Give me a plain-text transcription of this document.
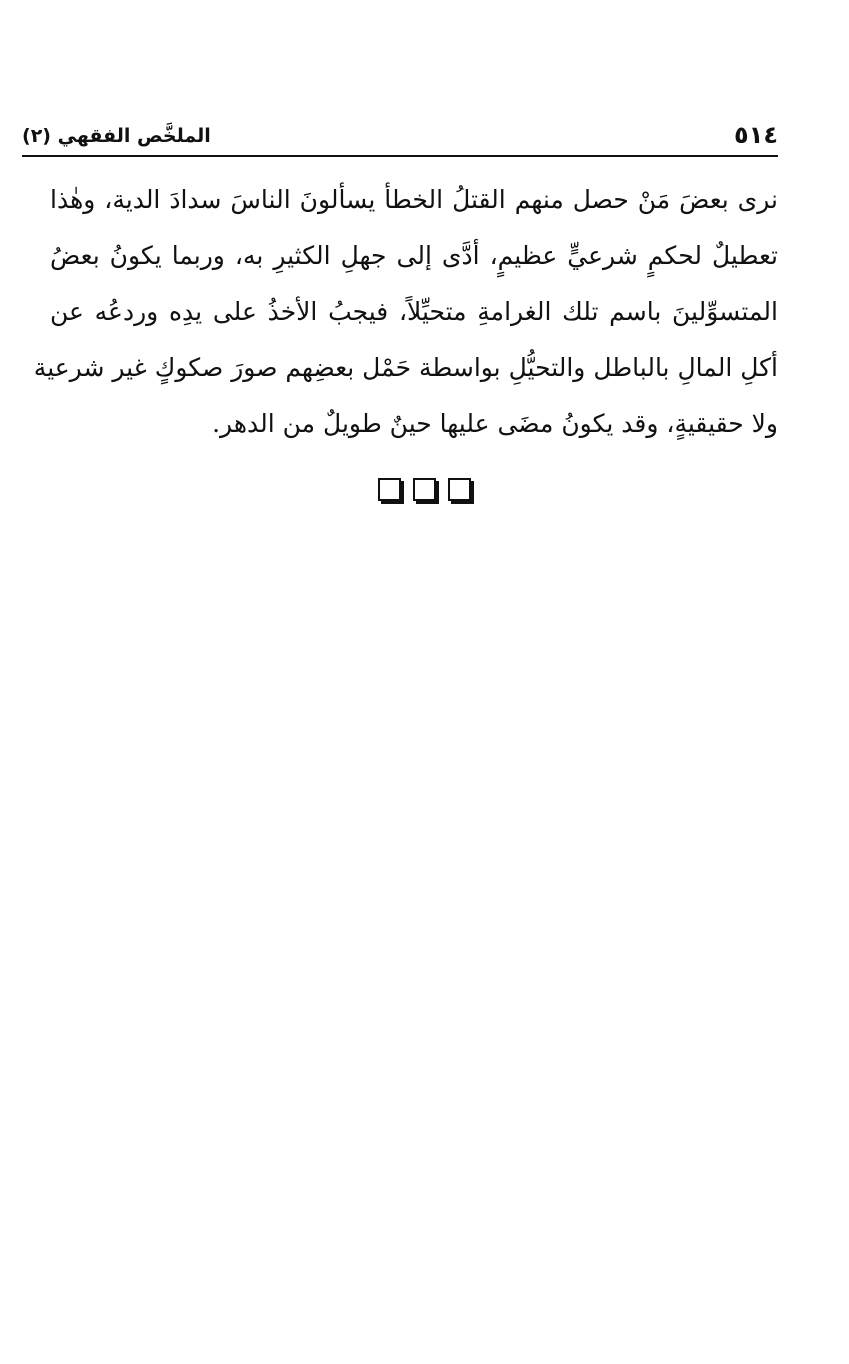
٥١٤
الملخَّص الفقهي (٢)
نرى بعضَ مَنْ حصل منهم القتلُ الخطأ يسألونَ الناسَ سدادَ الدية، وهٰذا
تعطيلٌ لحكمٍ شرعيٍّ عظيمٍ، أدَّى إلى جهلِ الكثيرِ به، وربما يكونُ بعضُ
المتسوِّلينَ باسم تلك الغرامةِ متحيِّلاً، فيجبُ الأخذُ على يدِه وردعُه عن
أكلِ المالِ بالباطل والتحيُّلِ بواسطة حَمْل بعضِهم صورَ صكوكٍ غير شرعية
ولا حقيقيةٍ، وقد يكونُ مضَى عليها حينٌ طويلٌ من الدهر.
